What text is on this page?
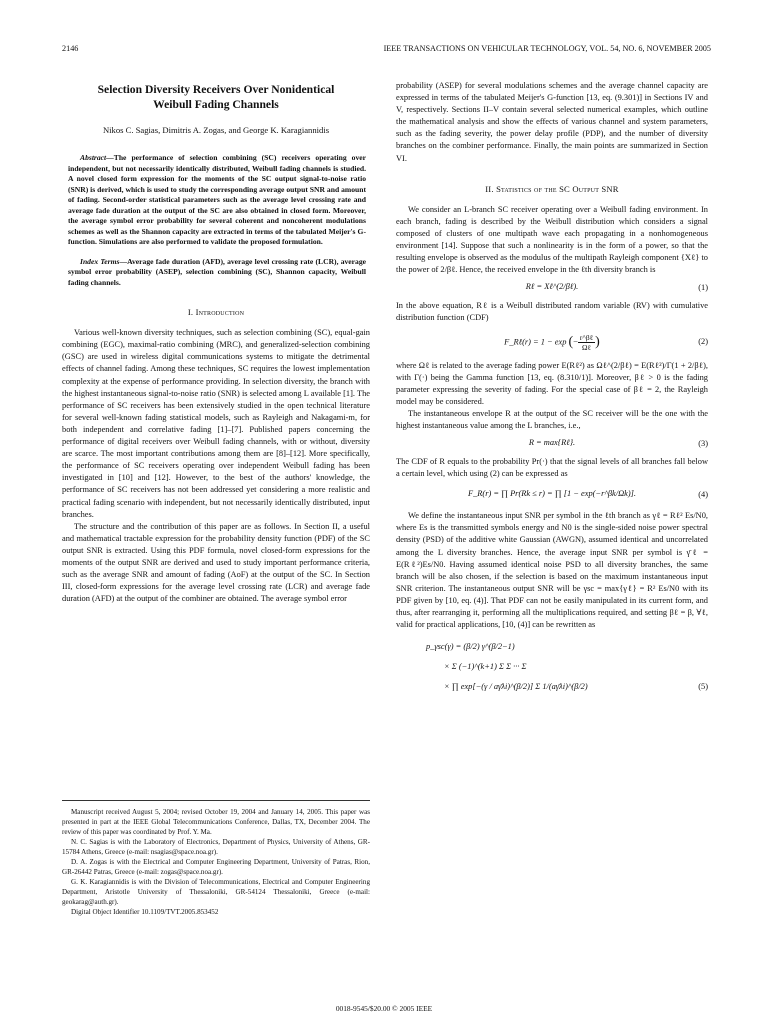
2146	IEEE TRANSACTIONS ON VEHICULAR TECHNOLOGY, VOL. 54, NO. 6, NOVEMBER 2005
Selection Diversity Receivers Over Nonidentical Weibull Fading Channels
Nikos C. Sagias, Dimitris A. Zogas, and George K. Karagiannidis
Abstract—The performance of selection combining (SC) receivers operating over independent, but not necessarily identically distributed, Weibull fading channels is studied. A novel closed form expression for the moments of the SC output signal-to-noise ratio (SNR) is derived, which is used to study the corresponding average output SNR and amount of fading. Second-order statistical parameters such as the average level crossing rate and average fade duration at the output of the SC are also obtained in closed form. Moreover, the average symbol error probability for several coherent and noncoherent modulations schemes as well as the Shannon capacity are extracted in terms of the tabulated Meijer's G-function. Simulations are also performed to validate the proposed formulation.
Index Terms—Average fade duration (AFD), average level crossing rate (LCR), average symbol error probability (ASEP), selection combining (SC), Shannon capacity, Weibull fading channels.
I. Introduction

Various well-known diversity techniques, such as selection combining (SC), equal-gain combining (EGC), maximal-ratio combining (MRC), and generalized-selection combining (GSC) are used in wireless digital communications systems to mitigate the detrimental effects of channel fading. Among these techniques, SC requires the lowest implementation complexity at the expense of performance providing. In selection diversity, the branch with the highest instantaneous signal-to-noise ratio (SNR) is selected among L available [1]. The performance of SC receivers has been extensively studied in the open technical literature for several well-known fading statistical models, such as Rayleigh and Nakagami-m, for both independent and correlative fading [1]–[7]. Published papers concerning the performance of digital receivers over Weibull fading channels, with or without, diversity are scarce. The most important contributions among them are [8]–[12]. More specifically, the performance of SC receivers operating over independent Weibull fading has been investigated in [10] and [12]. However, to the best of the authors' knowledge, the performance of SC receivers has not been addressed yet considering a more realistic and practical fading scenario with independent, but not necessarily identically distributed, input branches.

The structure and the contribution of this paper are as follows. In Section II, a useful and mathematical tractable expression for the probability density function (PDF) of the SC output SNR is extracted. Using this PDF formula, novel closed-form expressions for the moments of the output SNR are derived and used to study important performance criteria, such as the average SNR and amount of fading (AoF) at the output of the SC. In Section III, closed-form expressions for the average level crossing rate (LCR) and average fade duration (AFD) at the output of the combiner are obtained. The average symbol error

Manuscript received August 5, 2004; revised October 19, 2004 and January 14, 2005. This paper was presented in part at the IEEE Global Telecommunications Conference, Dallas, TX, December 2004. The review of this paper was coordinated by Prof. Y. Ma.

N. C. Sagias is with the Laboratory of Electronics, Department of Physics, University of Athens, GR-15784 Athens, Greece (e-mail: nsagias@space.noa.gr).

D. A. Zogas is with the Electrical and Computer Engineering Department, University of Patras, Rion, GR-26442 Patras, Greece (e-mail: zogas@space.noa.gr).

G. K. Karagiannidis is with the Division of Telecommunications, Electrical and Computer Engineering Department, Aristotle University of Thessaloniki, GR-54124 Thessaloniki, Greece (e-mail: geokarag@auth.gr).

Digital Object Identifier 10.1109/TVT.2005.853452

probability (ASEP) for several modulations schemes and the average channel capacity are expressed in terms of the tabulated Meijer's G-function [13, eq. (9.301)] in Sections IV and V, respectively. Sections II–V contain several selected numerical examples, which outline the mathematical analysis and show the effects of various channel and system parameters, such as the fading severity, the power delay profile (PDP), and the number of diversity branches on the combiner performance. Finally, the main points are summarized in Section VI.

II. Statistics of the SC Output SNR

We consider an L-branch SC receiver operating over a Weibull fading environment. In each branch, fading is described by the Weibull distribution which considers a signal composed of clusters of one multipath wave each propagating in a nonhomogeneous environment [14]. Suppose that such a nonlinearity is in the form of a power, so that the resulting envelope is observed as the modulus of the multipath Rayleigh component {Xℓ} to the power of 2/βℓ. Hence, the received envelope in the ℓth diversity branch is

Rℓ = Xℓ^(2/βℓ).	(1)

In the above equation, Rℓ is a Weibull distributed random variable (RV) with cumulative distribution function (CDF)

F_Rℓ(r) = 1 − exp (− $\frac{\text{r\textasciicircum{}βℓ}}{\text{Ωℓ}}$ )	(2)

where Ωℓ is related to the average fading power E(Rℓ²) as Ωℓ^(2/βℓ) = E(Rℓ²)/Γ(1 + 2/βℓ), with Γ(·) being the Gamma function [13, eq. (8.310/1)]. Moreover, βℓ > 0 is the fading parameter expressing the severity of fading. For the special case of βℓ = 2, the Rayleigh model may be considered.

The instantaneous envelope R at the output of the SC receiver will be the one with the highest instantaneous value among the L branches, i.e.,

R = max{Rℓ}.	(3)

The CDF of R equals to the probability Pr(·) that the signal levels of all branches fall below a certain level, which using (2) can be expressed as

F_R(r) = ∏ Pr(Rk ≤ r) = ∏ [1 − exp(−r^βk/Ωk)].	(4)

We define the instantaneous input SNR per symbol in the ℓth branch as γℓ = Rℓ² Es/N0, where Es is the transmitted symbols energy and N0 is the single-sided noise power spectral density (PSD) of the additive white Gaussian (AWGN), assumed identical and uncorrelated among the L diversity branches. Hence, the average input SNR per symbol is γ̄ℓ = E(Rℓ²)Es/N0. Having assumed identical noise PSD to all diversity branches, the same branch will be also chosen, if the selection is based on the maximum instantaneous input SNR criterion. The instantaneous output SNR will be γsc = max{γℓ} = R² Es/N0 with its PDF given by [10, eq. (4)]. That PDF can not be easily manipulated in its current form, and thus, after rearranging it, performing all the multiplications required, and setting βℓ = β, ∀ℓ, valid for practical applications, [10, (4)] can be rewritten as

p_γsc(γ) = (β/2) γ^(β/2−1)
× Σ (−1)^(k+1) Σ Σ ··· Σ
× ∏ exp[−(γ / aγ̄λi)^(β/2)] Σ 1/(aγ̄λi)^(β/2)	(5)
0018-9545/$20.00 © 2005 IEEE
